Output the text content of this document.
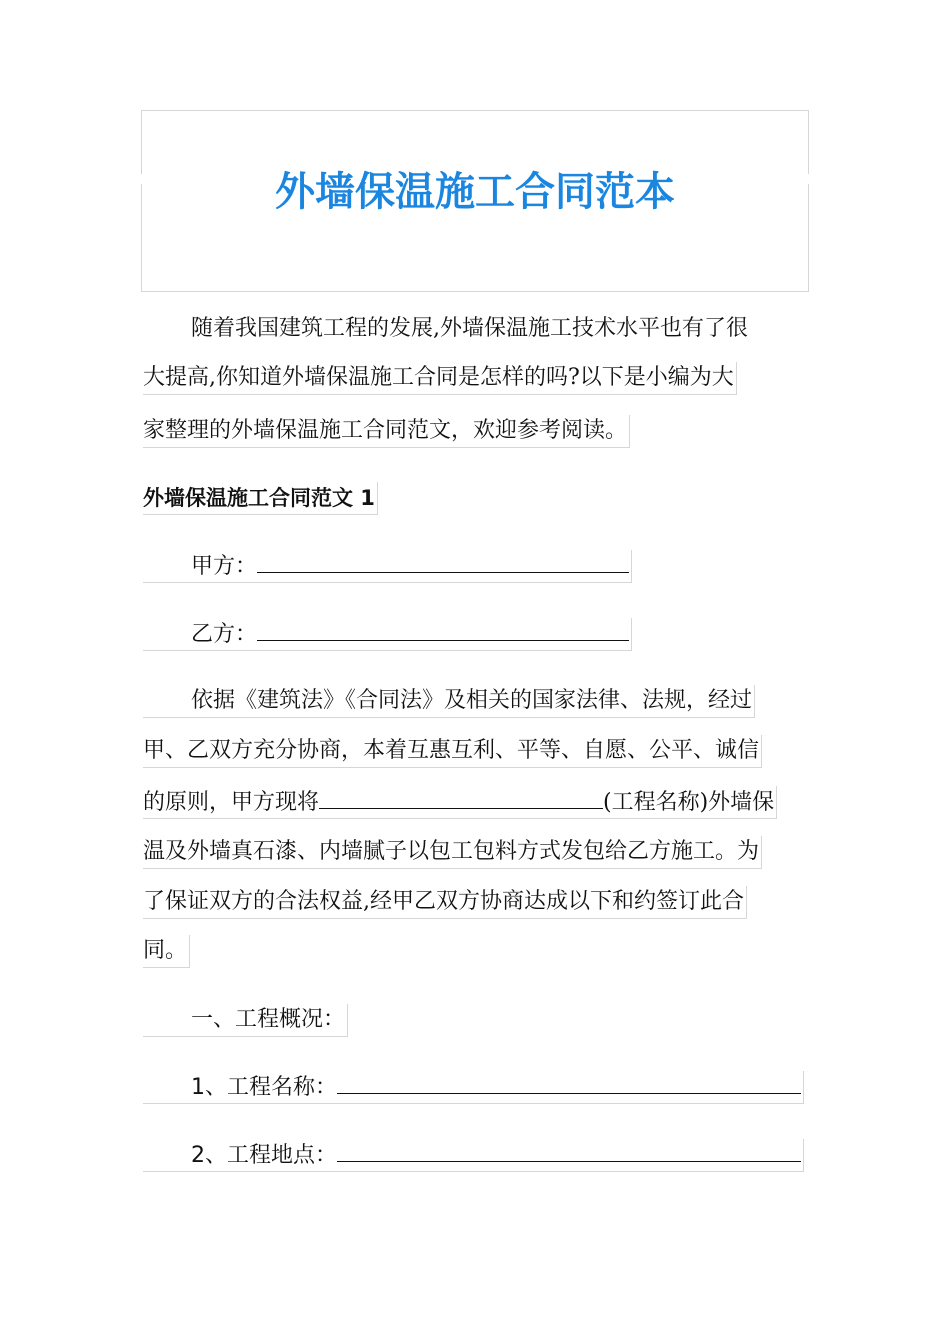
外墙保温施工合同范本
随着我国建筑工程的发展,外墙保温施工技术水平也有了很
大提高,你知道外墙保温施工合同是怎样的吗?以下是小编为大
家整理的外墙保温施工合同范文，欢迎参考阅读。
外墙保温施工合同范文 1
甲方：
乙方：
依据《建筑法》《合同法》及相关的国家法律、法规，经过
甲、乙双方充分协商，本着互惠互利、平等、自愿、公平、诚信
的原则，甲方现将	(工程名称)外墙保
温及外墙真石漆、内墙腻子以包工包料方式发包给乙方施工。为
了保证双方的合法权益,经甲乙双方协商达成以下和约签订此合
同。
一、工程概况：
1、工程名称：
2、工程地点：
